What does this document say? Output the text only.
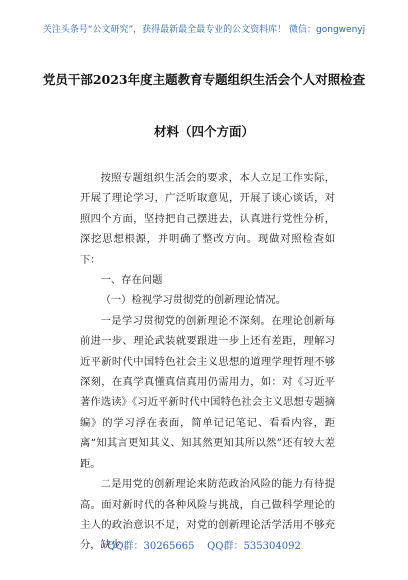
关注头条号“公文研究”，获得最新最全最专业的公文资料库！ 微信：gongwenyj
党员干部2023年度主题教育专题组织生活会个人对照检查
材料（四个方面）

按照专题组织生活会的要求，本人立足工作实际，开展了理论学习，广泛听取意见，开展了谈心谈话，对照四个方面，坚持把自己摆进去，认真进行党性分析，深挖思想根源，并明确了整改方向。现做对照检查如下：

一、存在问题

（一）检视学习贯彻党的创新理论情况。

一是学习贯彻党的创新理论不深刻。在理论创新每前进一步、理论武装就要跟进一步上还有差距，理解习近平新时代中国特色社会主义思想的道理学理哲理不够深刻，在真学真懂真信真用仍需用力，如：对《习近平著作选读》《习近平新时代中国特色社会主义思想专题摘编》的学习浮在表面，简单记记笔记、看看内容，距离“知其言更知其义、知其然更知其所以然”还有较大差距。

二是用党的创新理论来防范政治风险的能力有待提高。面对新时代的各种风险与挑战，自己做科学理论的主人的政治意识不足，对党的创新理论活学活用不够充分，缺少

QQ群：30265665 QQ群：535304092
